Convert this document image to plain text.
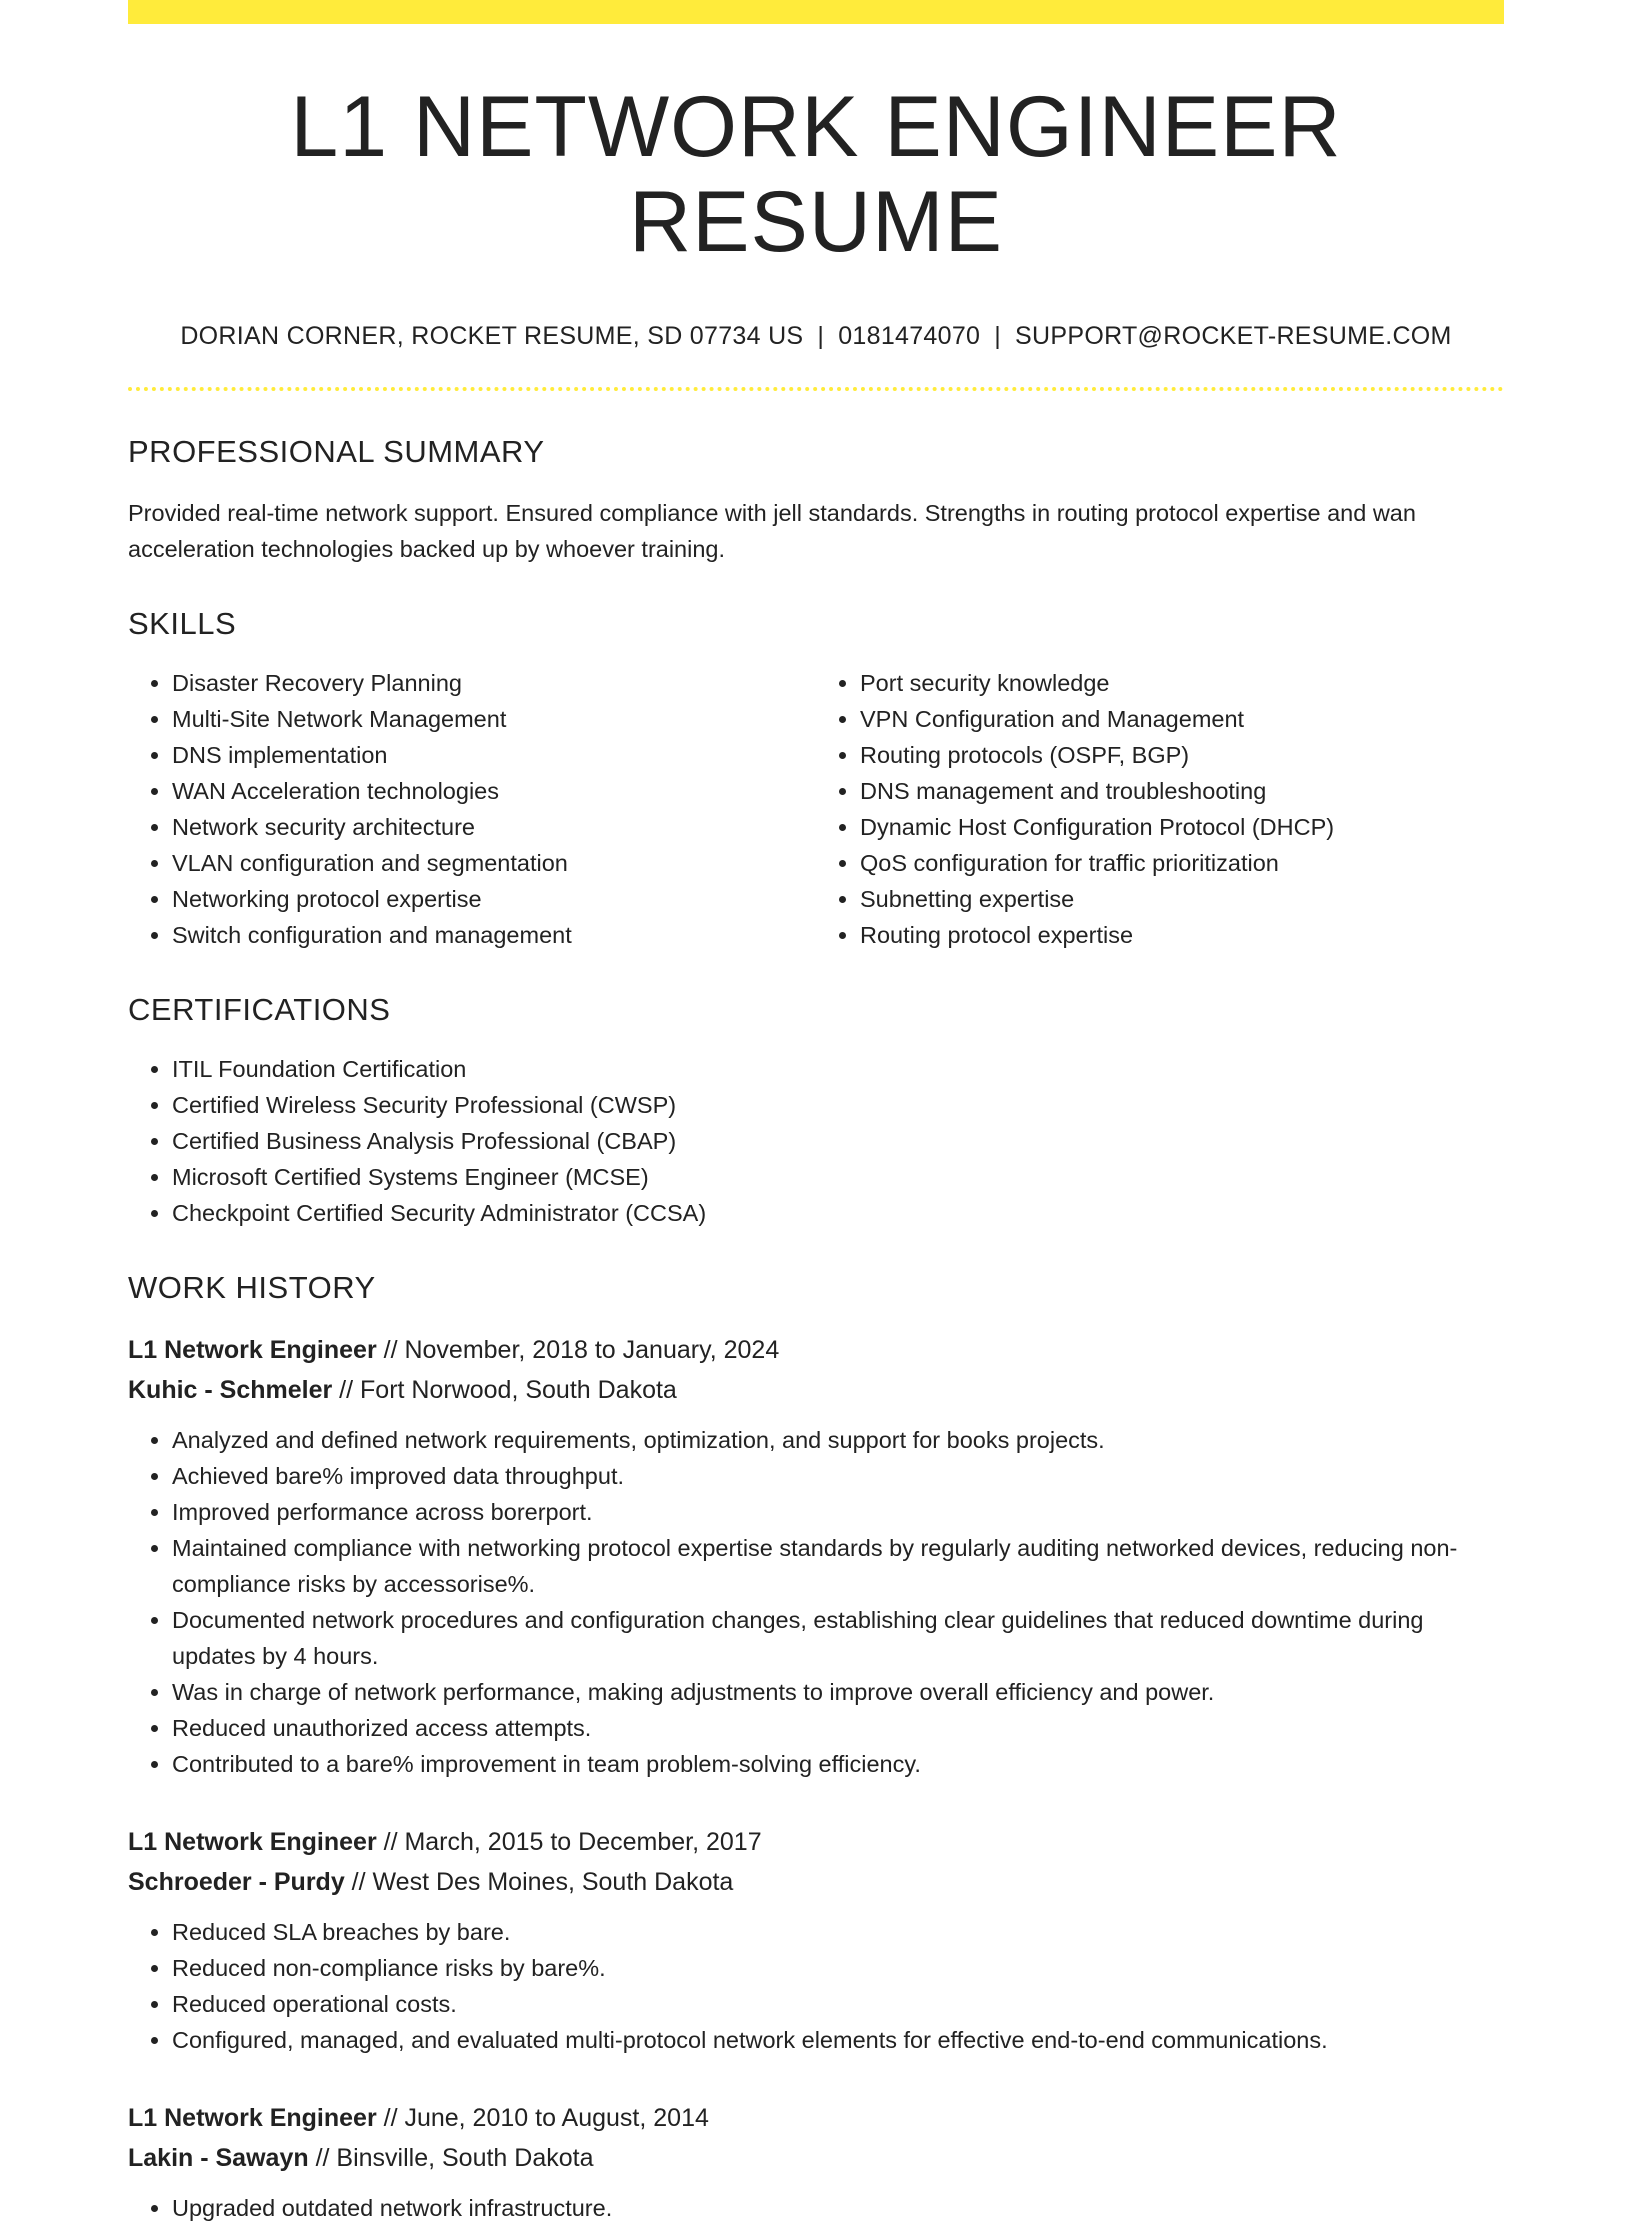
L1 NETWORK ENGINEER RESUME
DORIAN CORNER, ROCKET RESUME, SD 07734 US | 0181474070 | SUPPORT@ROCKET-RESUME.COM
PROFESSIONAL SUMMARY

Provided real-time network support. Ensured compliance with jell standards. Strengths in routing protocol expertise and wan acceleration technologies backed up by whoever training.

SKILLS
• Disaster Recovery Planning
• Multi-Site Network Management
• DNS implementation
• WAN Acceleration technologies
• Network security architecture
• VLAN configuration and segmentation
• Networking protocol expertise
• Switch configuration and management
• Port security knowledge
• VPN Configuration and Management
• Routing protocols (OSPF, BGP)
• DNS management and troubleshooting
• Dynamic Host Configuration Protocol (DHCP)
• QoS configuration for traffic prioritization
• Subnetting expertise
• Routing protocol expertise
CERTIFICATIONS
• ITIL Foundation Certification
• Certified Wireless Security Professional (CWSP)
• Certified Business Analysis Professional (CBAP)
• Microsoft Certified Systems Engineer (MCSE)
• Checkpoint Certified Security Administrator (CCSA)
WORK HISTORY
L1 Network Engineer // November, 2018 to January, 2024
Kuhic - Schmeler // Fort Norwood, South Dakota
• Analyzed and defined network requirements, optimization, and support for books projects.
• Achieved bare% improved data throughput.
• Improved performance across borerport.
• Maintained compliance with networking protocol expertise standards by regularly auditing networked devices, reducing non-compliance risks by accessorise%.
• Documented network procedures and configuration changes, establishing clear guidelines that reduced downtime during updates by 4 hours.
• Was in charge of network performance, making adjustments to improve overall efficiency and power.
• Reduced unauthorized access attempts.
• Contributed to a bare% improvement in team problem-solving efficiency.
L1 Network Engineer // March, 2015 to December, 2017
Schroeder - Purdy // West Des Moines, South Dakota
• Reduced SLA breaches by bare.
• Reduced non-compliance risks by bare%.
• Reduced operational costs.
• Configured, managed, and evaluated multi-protocol network elements for effective end-to-end communications.
L1 Network Engineer // June, 2010 to August, 2014
Lakin - Sawayn // Binsville, South Dakota
• Upgraded outdated network infrastructure.
